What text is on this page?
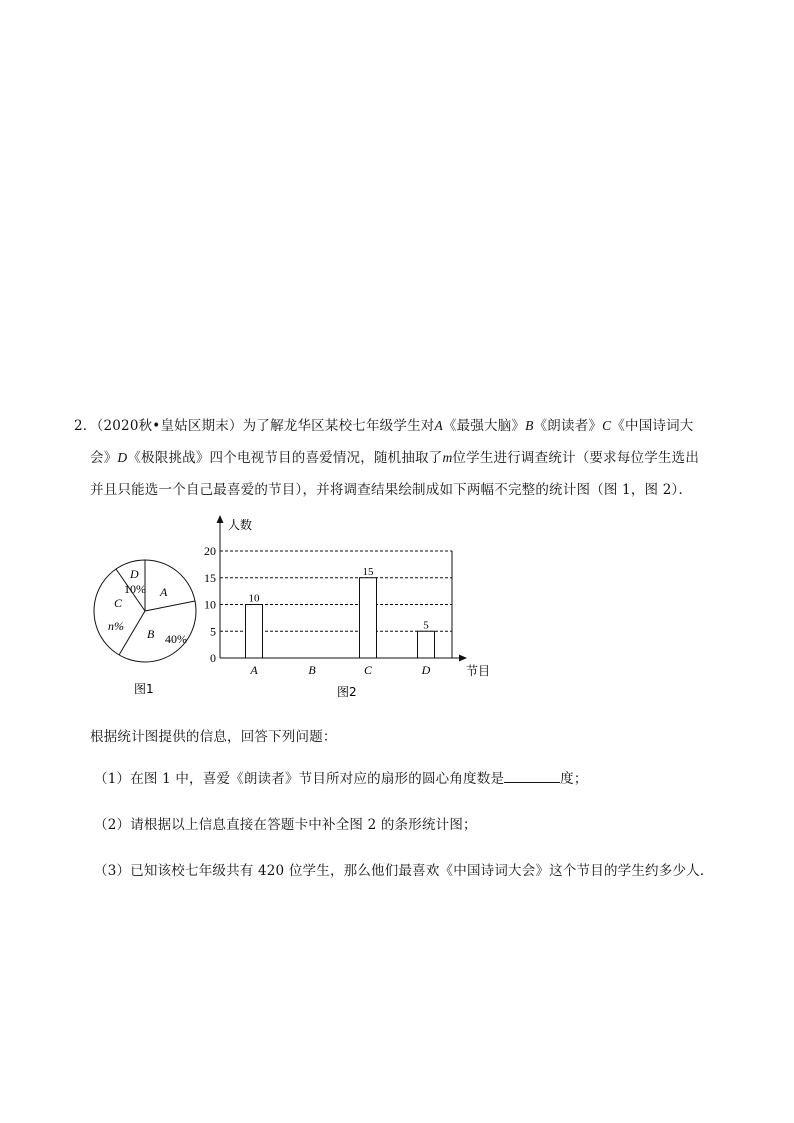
2．（2020秋•皇姑区期末）为了解龙华区某校七年级学生对A《最强大脑》B《朗读者》C《中国诗词大
会》D《极限挑战》四个电视节目的喜爱情况，随机抽取了m位学生进行调查统计（要求每位学生选出
并且只能选一个自己最喜爱的节目），并将调查结果绘制成如下两幅不完整的统计图（图 1，图 2）．
D
10% A
C
n%
B 40%
图1
人数
节目
0
5
10
15
20
10
15
5
A	B	C	D
图2
根据统计图提供的信息，回答下列问题：
（1）在图 1 中，喜爱《朗读者》节目所对应的扇形的圆心角度数是	度；
（2）请根据以上信息直接在答题卡中补全图 2 的条形统计图；
（3）已知该校七年级共有 420 位学生，那么他们最喜欢《中国诗词大会》这个节目的学生约多少人．
